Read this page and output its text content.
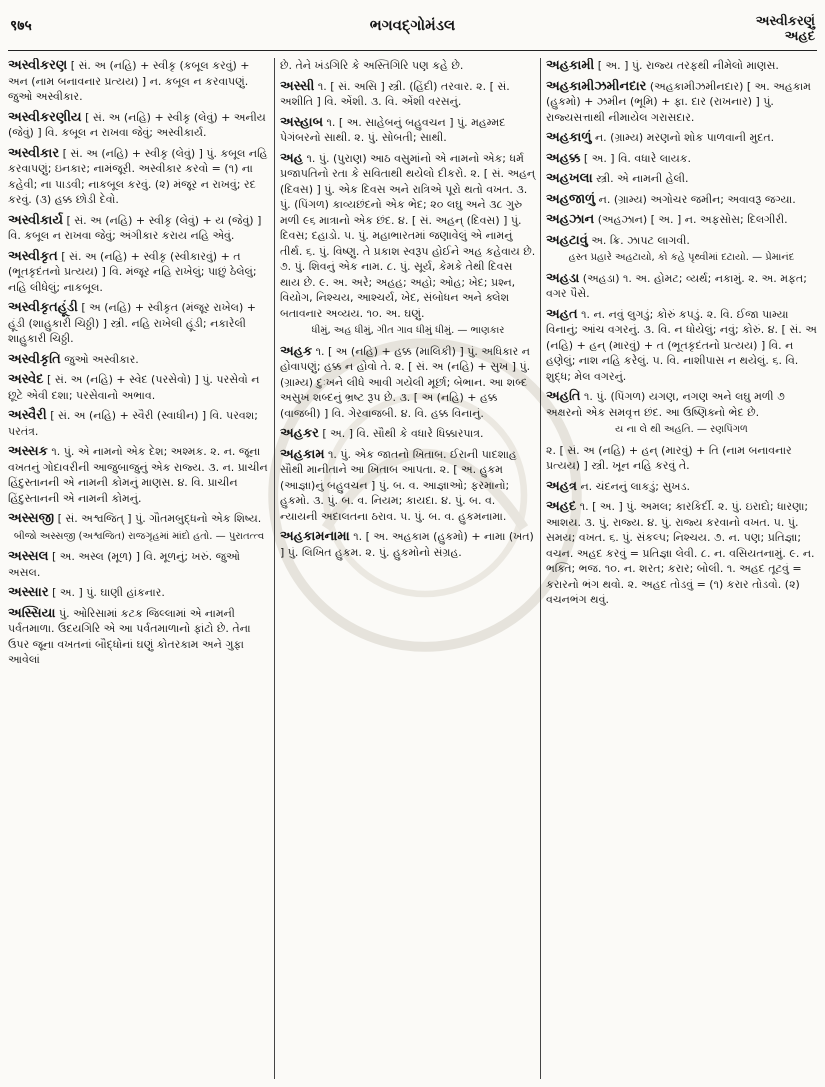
९७५	ભગવદ્ગોમંડલ	અસ્વીકરણું
અહદ

અસ્વીકરણ [ સં. અ (નહિ) + સ્વીકૃ (કબૂલ કરવું) + અન (નામ બનાવનાર પ્રત્યય) ] ન. કબૂલ ન કરવાપણું. જુઓ અસ્વીકાર.

અસ્વીકરણીય [ સં. અ (નહિ) + સ્વીકૃ (લેવું) + અનીય (જેવું) ] વિ. કબૂલ ન રાખવા જેવું; અસ્વીકાર્ય.

અસ્વીકાર [ સં. અ (નહિ) + સ્વીકૃ (લેવું) ] પું. કબૂલ નહિ કરવાપણું; ઇનકાર; નામંજૂરી. અસ્વીકાર કરવો = (૧) ના કહેવી; ના પાડવી; નાકબૂલ કરવું. (૨) મંજૂર ન રાખવું; રદ કરવું. (૩) હક્ક છોડી દેવો.

અસ્વીકાર્ય [ સં. અ (નહિ) + સ્વીકૃ (લેવું) + ય (જેવું) ] વિ. કબૂલ ન રાખવા જેવું; અંગીકાર કરાય નહિ એવું.

અસ્વીકૃત [ સં. અ (નહિ) + સ્વીકૃ (સ્વીકારવું) + ત (ભૂતકૃદંતનો પ્રત્યય) ] વિ. મંજૂર નહિ રાખેલું; પાછું ઠેલેલું; નહિ લીધેલું; નાકબૂલ.

અસ્વીકૃતહૂંડી [ અ (નહિ) + સ્વીકૃત (મંજૂર રાખેલ) + હૂંડી (શાહુકારી ચિઠ્ઠી) ] સ્ત્રી. નહિ રાખેલી હૂંડી; નકારેલી શાહુકારી ચિઠ્ઠી.

અસ્વીકૃતિ જુઓ અસ્વીકાર.

અસ્વેદ [ સં. અ (નહિ) + સ્વેદ (પરસેવો) ] પું. પરસેવો ન છૂટે એવી દશા; પરસેવાનો અભાવ.

અસ્વૈરી [ સં. અ (નહિ) + સ્વૈરી (સ્વાધીન) ] વિ. પરવશ; પરતંત્ર.

અસ્સક ૧. પું. એ નામનો એક દેશ; અશ્મક. ૨. ન. જૂના વખતનું ગોદાવરીની આજુબાજુનું એક રાજ્ય. ૩. ન. પ્રાચીન હિંદુસ્તાનની એ નામની કોમનું માણસ. ૪. વિ. પ્રાચીન હિંદુસ્તાનની એ નામની કોમનું.

અસ્સજી [ સં. અશ્વજિત્ ] પું. ગૌતમબુદ્ધનો એક શિષ્ય.
બીજો અસ્સજી (અશ્વજિત) રાજગૃહમાં માંદો હતો. — પુરાતત્ત્વ

અસ્સલ [ અ. અસ્લ (મૂળ) ] વિ. મૂળનું; ખરું. જુઓ અસલ.

અસ્સાર [ અ. ] પું. ઘાણી હાંકનાર.

અસ્સિયા પું. ઓરિસામાં કટક જિલ્લામાં એ નામની પર્વતમાળા. ઉદયગિરિ એ આ પર્વતમાળાનો ફાંટો છે. તેના ઉપર જૂના વખતનાં બૌદ્ધોનાં ઘણું કોતરકામ અને ગુફા આવેલાં

છે. તેને ખંડગિરિ કે અસ્તિગિરિ પણ કહે છે.

અસ્સી ૧. [ સં. અસિ ] સ્ત્રી. (હિંદી) તરવાર. ૨. [ સં. અશીતિ ] વિ. એંશી. ૩. વિ. એંશી વરસનું.

અસ્હાબ ૧. [ અ. સાહેબનું બહુવચન ] પું. મહમ્મદ પેગંબરનો સાથી. ૨. પું. સોબતી; સાથી.

અહ ૧. પું. (પુરાણ) આઠ વસુમાંનો એ નામનો એક; ધર્મ પ્રજાપતિનો રતા કે સવિતાથી થયેલો દીકરો. ૨. [ સં. અહન્ (દિવસ) ] પું. એક દિવસ અને રાત્રિએ પૂરો થતો વખત. ૩. પું. (પિંગળ) કાવ્યછંદનો એક ભેદ; ૨૦ લઘુ અને ૩૮ ગુરુ મળી ૯૬ માત્રાનો એક છંદ. ૪. [ સં. અહન્ (દિવસ) ] પું. દિવસ; દહાડો. ૫. પું. મહાભારતમાં જણાવેલું એ નામનું તીર્થ. ૬. પું. વિષ્ણુ. તે પ્રકાશ સ્વરૂપ હોઈને અહ કહેવાય છે. ૭. પું. શિવનું એક નામ. ૮. પું. સૂર્ય, કેમકે તેથી દિવસ થાય છે. ૯. અ. અરે; અહહ; અહો; ઓહ; ખેદ; પ્રશ્ન, વિયોગ, નિશ્ચય, આશ્ચર્ય, ખેદ, સંબોધન અને ક્લેશ બતાવનાર અવ્યય. ૧૦. અ. ઘણું.
ધીમું, અહ ધીમું, ગીત ગાવ ધીમું ધીમું. — ભાણકાર

અહક ૧. [ અ (નહિ) + હક્ક (માલિકી) ] પું. અધિકાર ન હોવાપણું; હક્ક ન હોવો તે. ૨. [ સં. અ (નહિ) + સુખ ] પું. (ગ્રામ્ય) દુઃખને લીધે આવી ગયેલી મૂર્છા; બેભાન. આ શબ્દ અસુખ શબ્દનું ભ્રષ્ટ રૂપ છે. ૩. [ અ (નહિ) + હક્ક (વાજબી) ] વિ. ગેરવાજબી. ૪. વિ. હક્ક વિનાનું.

અહકર [ અ. ] વિ. સૌથી કે વધારે ધિક્કારપાત્ર.

અહકામ ૧. પું. એક જાતનો ખિતાબ. ઈરાની પાદશાહ સૌથી માનીતાને આ ખિતાબ આપતા. ૨. [ અ. હુકમ (આજ્ઞા)નું બહુવચન ] પું. બ. વ. આજ્ઞાઓ; ફરમાનો; હુકમો. ૩. પું. બ. વ. નિયમ; કાયદા. ૪. પું. બ. વ. ન્યાયની અદાલતના ઠરાવ. ૫. પું. બ. વ. હુકમનામા.

અહકામનામા ૧. [ અ. અહકામ (હુકમો) + નામા (ખત) ] પું. લિખિત હુકમ. ૨. પું. હુકમોનો સંગ્રહ.

અહકામી [ અ. ] પું. રાજ્ય તરફથી નીમેલો માણસ.

અહકામીઝમીનદાર (અહકામીઝમીનદાર) [ અ. અહકામ (હુકમો) + ઝમીન (ભૂમિ) + ફા. દાર (રાખનાર) ] પું. રાજ્યસત્તાથી નીમાયેલ ગરાસદાર.

અહકાળું ન. (ગ્રામ્ય) મરણનો શોક પાળવાની મુદત.

અહક્ક [ અ. ] વિ. વધારે લાયક.

અહખલા સ્ત્રી. એ નામની હેલી.

અહજાળું ન. (ગ્રામ્ય) અગોચર જમીન; અવાવરૂ જગ્યા.

અહઝાન (અહઝાન) [ અ. ] ન. અફસોસ; દિલગીરી.

અહટાવું અ. ક્રિ. ઝાપટ લાગવી.
હસ્ત પ્રહારે અહટાયો, કો કહે પૃથ્વીમાં દટાયો. — પ્રેમાનંદ

અહડા (અહડા) ૧. અ. હોમટ; વ્યર્થ; નકામું. ૨. અ. મફત; વગર પૈસે.

અહત ૧. ન. નવું લુગડું; કોરું કપડું. ૨. વિ. ઈજા પામ્યા વિનાનું; આંચ વગરનું. ૩. વિ. ન ધોયેલું; નવું; કોરું. ૪. [ સં. અ (નહિ) + હન્ (મારવું) + ત (ભૂતકૃદંતનો પ્રત્યય) ] વિ. ન હણેલું; નાશ નહિ કરેલું. ૫. વિ. નાશીપાસ ન થયેલું. ૬. વિ. શુદ્ધ; મેલ વગરનું.

અહતિ ૧. પું. (પિંગળ) યગણ, નગણ અને લઘુ મળી ૭ અક્ષરનો એક સમવૃત્ત છંદ. આ ઉષ્ણિક્નો ભેદ છે.
ય ના લે થી અહતિ. — રણપિંગળ

૨. [ સં. અ (નહિ) + હન્ (મારવું) + તિ (નામ બનાવનાર પ્રત્યય) ] સ્ત્રી. ખૂન નહિ કરવું તે.

અહત્ર ન. ચંદનનું લાકડું; સુખડ.

અહદ ૧. [ અ. ] પું. અમલ; કારકિર્દી. ૨. પું. ઇરાદો; ધારણા; આશય. ૩. પું. રાજ્ય. ૪. પું. રાજ્ય કરવાનો વખત. ૫. પું. સમય; વખત. ૬. પું. સંકલ્પ; નિશ્ચય. ૭. ન. પણ; પ્રતિજ્ઞા; વચન. અહદ કરવું = પ્રતિજ્ઞા લેવી. ૮. ન. વસિયતનામું. ૯. ન. ભક્તિ; ભજ. ૧૦. ન. શરત; કરાર; બોલી. ૧. અહદ તૂટવું = કરારનો ભંગ થવો. ૨. અહદ તોડવું = (૧) કરાર તોડવો. (૨) વચનભંગ થવું.
